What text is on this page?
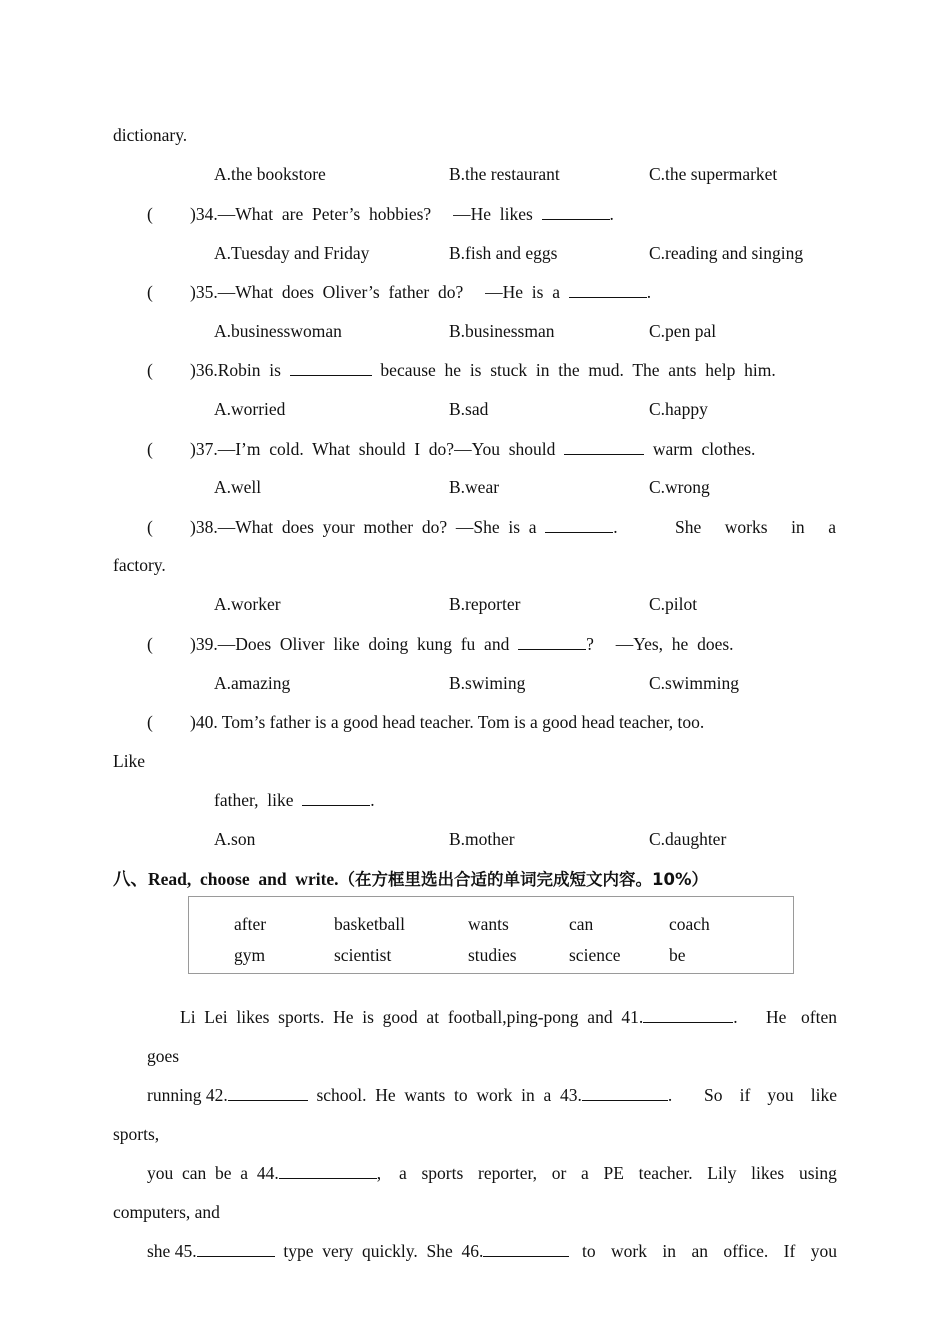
dictionary.
A.the bookstore	B.the restaurant	C.the supermarket
( )34.—What  are  Peter’s  hobbies?     —He  likes	.
A.Tuesday and Friday	B.fish and eggs	C.reading and singing
( )35.—What  does  Oliver’s  father  do?     —He  is  a	.
A.businesswoman	B.businessman	C.pen pal
( )36.Robin  is	because  he  is  stuck  in  the  mud.  The  ants  help  him.
A.worried	B.sad	C.happy
( )37.—I’m  cold.  What  should  I  do?—You  should	warm  clothes.
A.well	B.wear	C.wrong
( )38.—What  does  your  mother  do?  —She  is  a	.	She works in a
factory.
A.worker	B.reporter	C.pilot
( )39.—Does  Oliver  like  doing  kung  fu  and	?     —Yes,  he  does.
A.amazing	B.swiming	C.swimming
( )40. Tom’s father is a good head teacher. Tom is a good head teacher, too.
Like
father,  like	.
A.son	B.mother	C.daughter
八、Read,  choose  and  write.（在方框里选出合适的单词完成短文内容。10%）
after	basketball	wants	can	coach
gym	scientist	studies	science	be
Li  Lei  likes  sports.  He  is  good  at  football,ping-pong  and  41.	. He often
goes
running 42.	school.  He  wants  to  work  in  a  43.	. So if you like
sports,
you  can  be  a  44.	, a sports reporter, or a PE teacher. Lily likes using
computers, and
she 45.	type  very  quickly.  She  46.	to work in an office. If you
